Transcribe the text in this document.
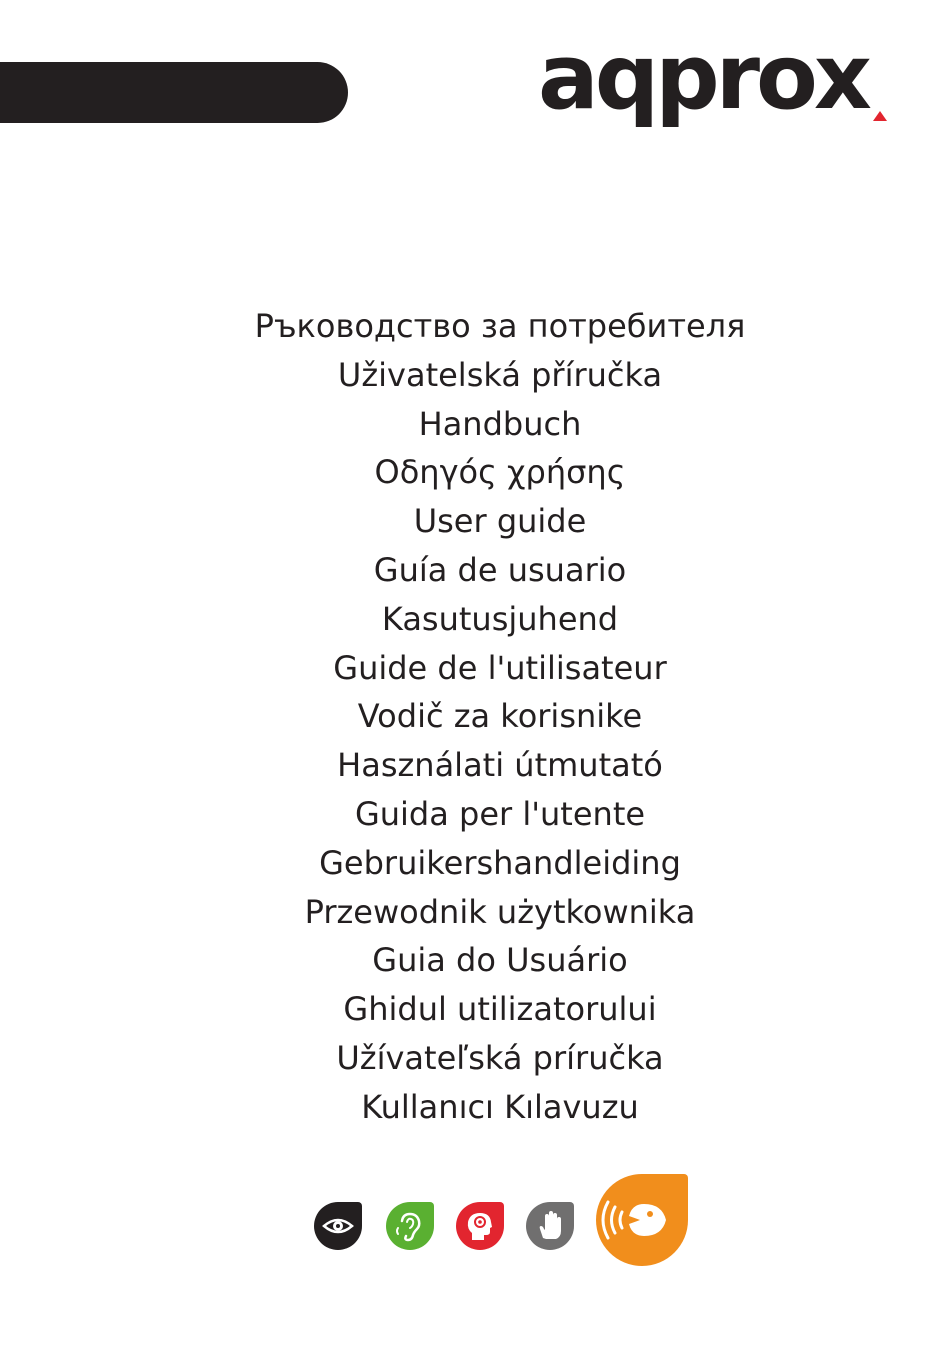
aqprox
Ръководство за потребителя
Uživatelská příručka
Handbuch
Οδηγός χρήσης
User guide
Guía de usuario
Kasutusjuhend
Guide de l'utilisateur
Vodič za korisnike
Használati útmutató
Guida per l'utente
Gebruikershandleiding
Przewodnik użytkownika
Guia do Usuário
Ghidul utilizatorului
Užívateľská príručka
Kullanıcı Kılavuzu
